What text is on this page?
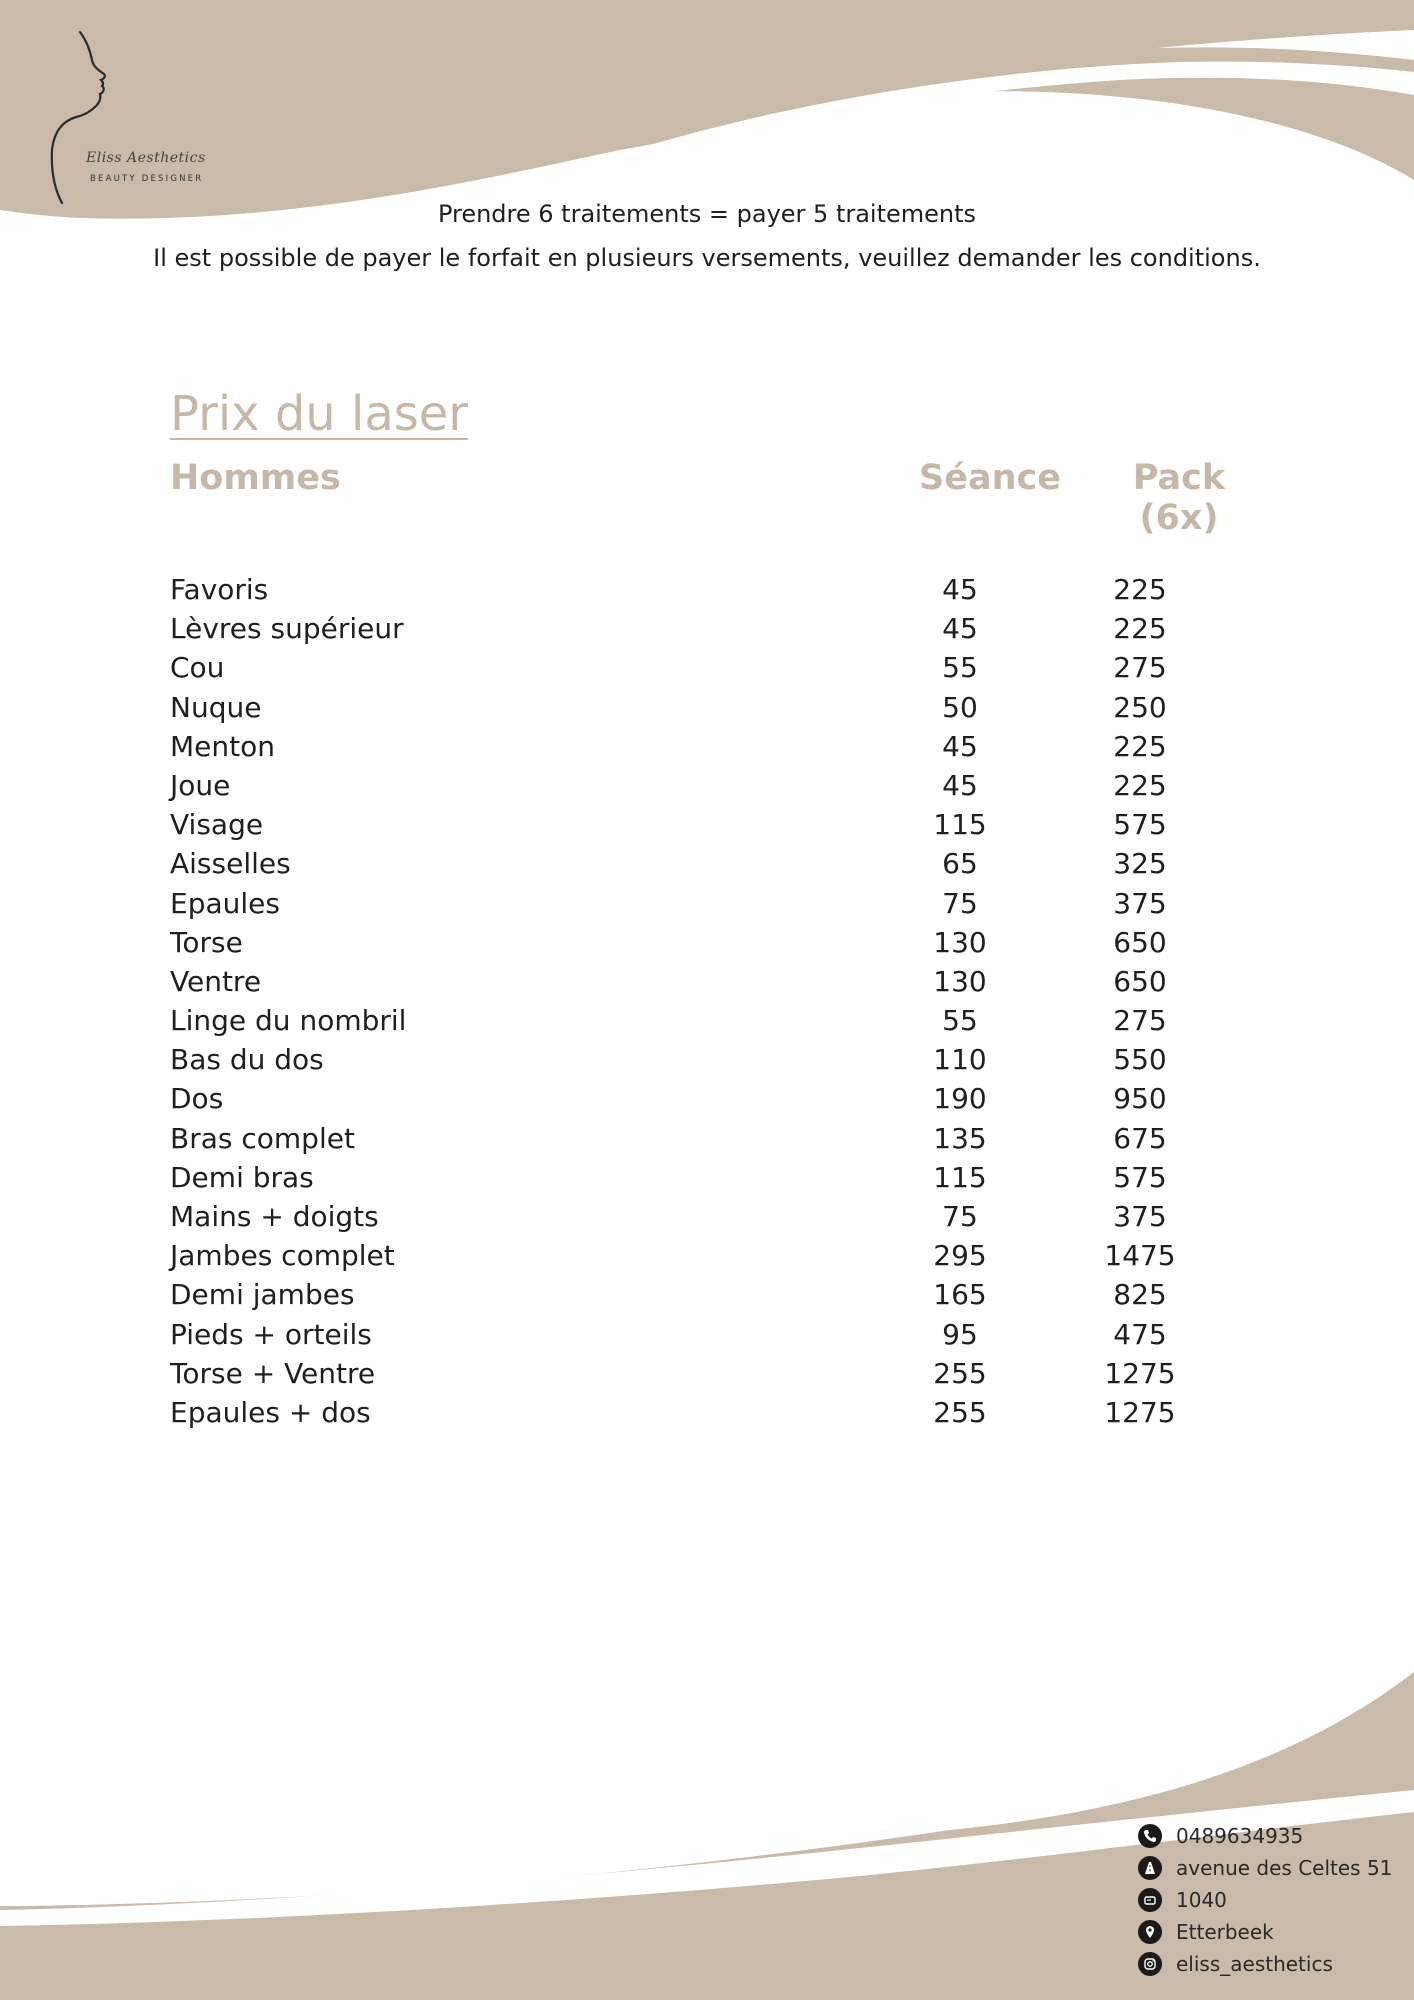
Eliss Aesthetics
BEAUTY DESIGNER
Prendre 6 traitements = payer 5 traitements
Il est possible de payer le forfait en plusieurs versements, veuillez demander les conditions.
Prix du laser
Hommes	Séance	Pack (6x)
Favoris	45	225
Lèvres supérieur	45	225
Cou	55	275
Nuque	50	250
Menton	45	225
Joue	45	225
Visage	115	575
Aisselles	65	325
Epaules	75	375
Torse	130	650
Ventre	130	650
Linge du nombril	55	275
Bas du dos	110	550
Dos	190	950
Bras complet	135	675
Demi bras	115	575
Mains + doigts	75	375
Jambes complet	295	1475
Demi jambes	165	825
Pieds + orteils	95	475
Torse + Ventre	255	1275
Epaules + dos	255	1275
0489634935
avenue des Celtes 51
1040
Etterbeek
eliss_aesthetics
